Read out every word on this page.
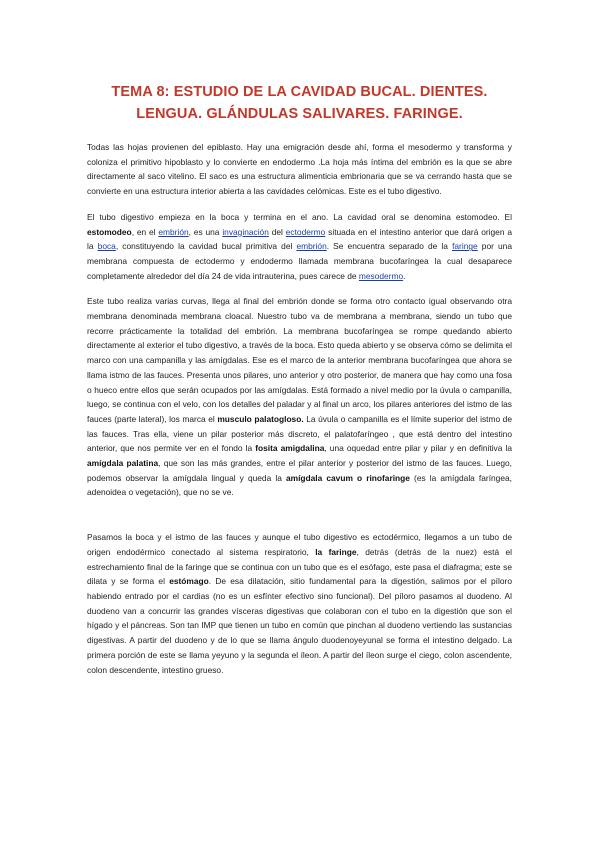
TEMA 8: ESTUDIO DE LA CAVIDAD BUCAL. DIENTES.
LENGUA. GLÁNDULAS SALIVARES. FARINGE.

Todas las hojas provienen del epiblasto. Hay una emigración desde ahí, forma el mesodermo y transforma y coloniza el primitivo hipoblasto y lo convierte en endodermo .La hoja más íntima del embrión es la que se abre directamente al saco vitelino. El saco es una estructura alimenticia embrionaria que se va cerrando hasta que se convierte en una estructura interior abierta a las cavidades celómicas. Este es el tubo digestivo.

El tubo digestivo empieza en la boca y termina en el ano. La cavidad oral se denomina estomodeo. El estomodeo, en el embrión, es una invaginación del ectodermo situada en el intestino anterior que dará origen a la boca, constituyendo la cavidad bucal primitiva del embrión. Se encuentra separado de la faringe por una membrana compuesta de ectodermo y endodermo llamada membrana bucofaríngea la cual desaparece completamente alrededor del día 24 de vida intrauterina, pues carece de mesodermo.

Este tubo realiza varias curvas, llega al final del embrión donde se forma otro contacto igual observando otra membrana denominada membrana cloacal. Nuestro tubo va de membrana a membrana, siendo un tubo que recorre prácticamente la totalidad del embrión. La membrana bucofaríngea se rompe quedando abierto directamente al exterior el tubo digestivo, a través de la boca. Esto queda abierto y se observa cómo se delimita el marco con una campanilla y las amígdalas. Ese es el marco de la anterior membrana bucofaríngea que ahora se llama istmo de las fauces. Presenta unos pilares, uno anterior y otro posterior, de manera que hay como una fosa o hueco entre ellos que serán ocupados por las amígdalas. Está formado a nivel medio por la úvula o campanilla, luego, se continua con el velo, con los detalles del paladar y al final un arco, los pilares anteriores del istmo de las fauces (parte lateral), los marca el musculo palatogloso. La úvula o campanilla es el límite superior del istmo de las fauces. Tras ella, viene un pilar posterior más discreto, el palatofaríngeo , que está dentro del intestino anterior, que nos permite ver en el fondo la fosita amigdalina, una oquedad entre pilar y pilar y en definitiva la amígdala palatina, que son las más grandes, entre el pilar anterior y posterior del istmo de las fauces. Luego, podemos observar la amígdala lingual y queda la amígdala cavum o rinofaringe (es la amígdala faríngea, adenoidea o vegetación), que no se ve.

Pasamos la boca y el istmo de las fauces y aunque el tubo digestivo es ectodérmico, llegamos a un tubo de origen endodérmico conectado al sistema respiratorio, la faringe, detrás (detrás de la nuez) está el estrechamiento final de la faringe que se continua con un tubo que es el esófago, este pasa el diafragma; este se dilata y se forma el estómago. De esa dilatación, sitio fundamental para la digestión, salimos por el píloro habiendo entrado por el cardias (no es un esfínter efectivo sino funcional). Del píloro pasamos al duodeno. Al duodeno van a concurrir las grandes vísceras digestivas que colaboran con el tubo en la digestión que son el hígado y el páncreas. Son tan IMP que tienen un tubo en común que pinchan al duodeno vertiendo las sustancias digestivas. A partir del duodeno y de lo que se llama ángulo duodenoyeyunal se forma el intestino delgado. La primera porción de este se llama yeyuno y la segunda el íleon. A partir del íleon surge el ciego, colon ascendente, colon descendente, intestino grueso.
